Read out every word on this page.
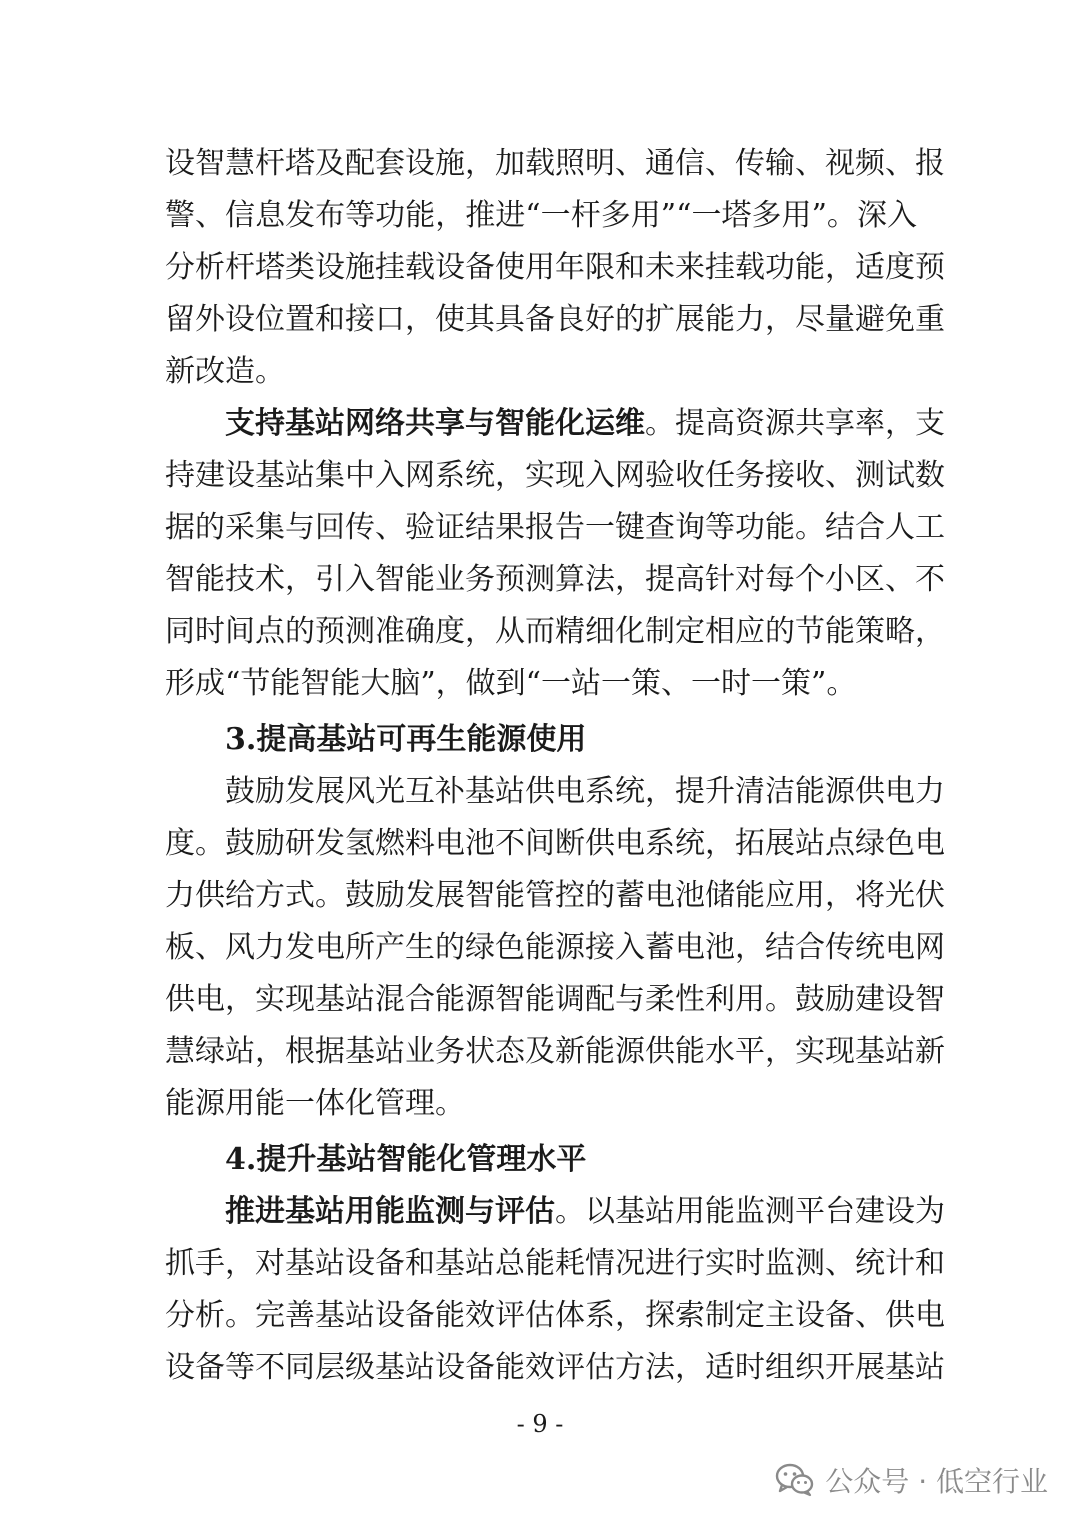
设智慧杆塔及配套设施，加载照明、通信、传输、视频、报
警、信息发布等功能，推进“一杆多用”“一塔多用”。深入
分析杆塔类设施挂载设备使用年限和未来挂载功能，适度预
留外设位置和接口，使其具备良好的扩展能力，尽量避免重
新改造。
支持基站网络共享与智能化运维。提高资源共享率，支
持建设基站集中入网系统，实现入网验收任务接收、测试数
据的采集与回传、验证结果报告一键查询等功能。结合人工
智能技术，引入智能业务预测算法，提高针对每个小区、不
同时间点的预测准确度，从而精细化制定相应的节能策略，
形成“节能智能大脑”，做到“一站一策、一时一策”。
3.提高基站可再生能源使用
鼓励发展风光互补基站供电系统，提升清洁能源供电力
度。鼓励研发氢燃料电池不间断供电系统，拓展站点绿色电
力供给方式。鼓励发展智能管控的蓄电池储能应用，将光伏
板、风力发电所产生的绿色能源接入蓄电池，结合传统电网
供电，实现基站混合能源智能调配与柔性利用。鼓励建设智
慧绿站，根据基站业务状态及新能源供能水平，实现基站新
能源用能一体化管理。
4.提升基站智能化管理水平
推进基站用能监测与评估。以基站用能监测平台建设为
抓手，对基站设备和基站总能耗情况进行实时监测、统计和
分析。完善基站设备能效评估体系，探索制定主设备、供电
设备等不同层级基站设备能效评估方法，适时组织开展基站
- 9 -
公众号 · 低空行业
